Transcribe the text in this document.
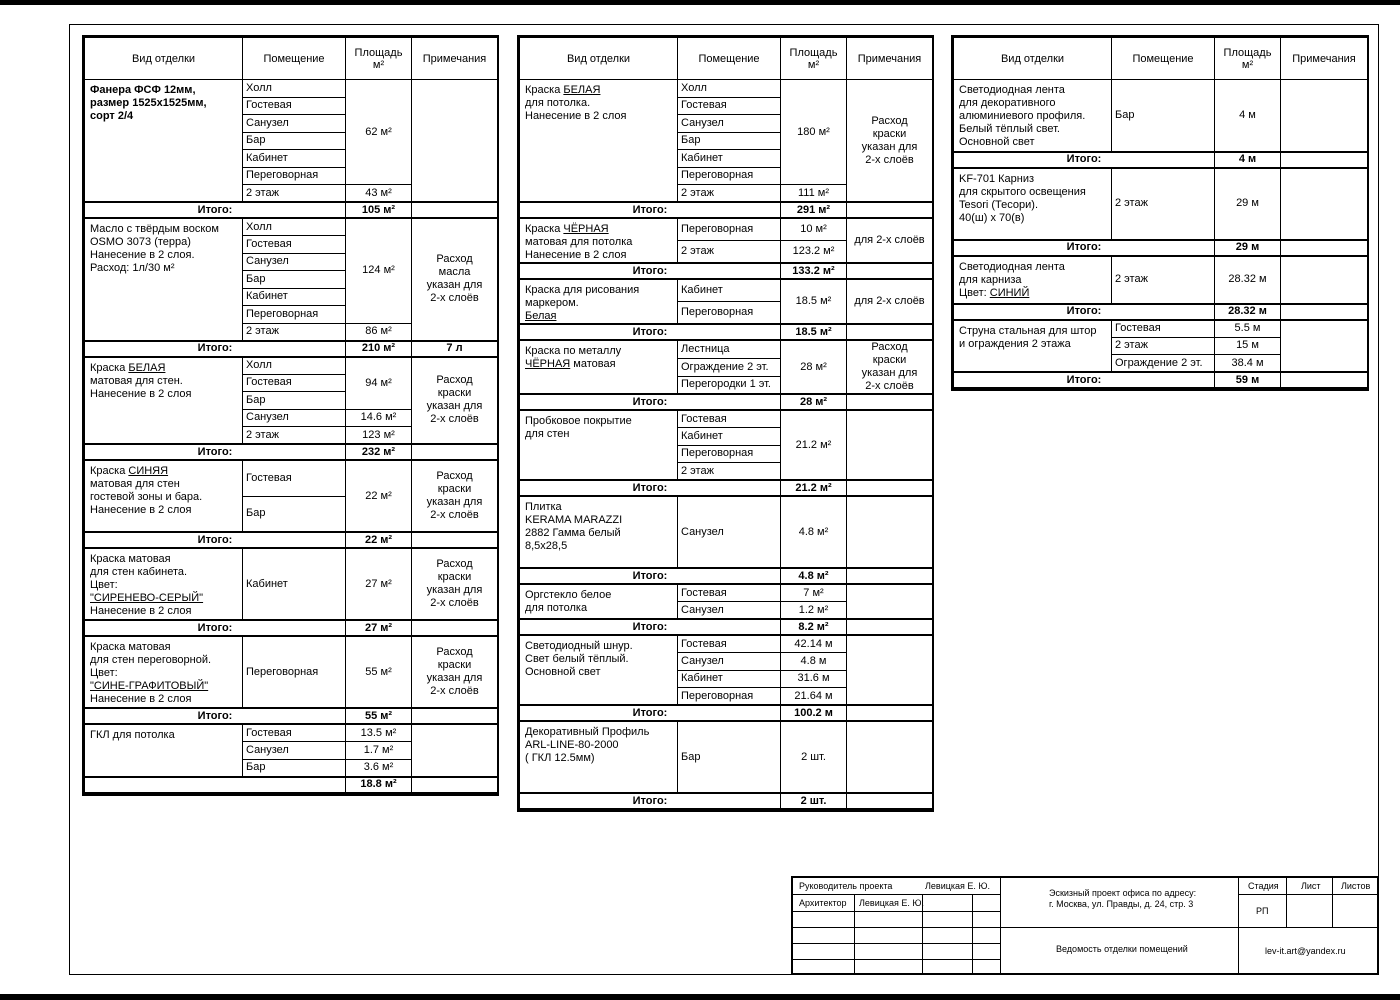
Вид отделки	Помещение	Площадь м²	Примечания
Фанера ФСФ 12мм,
размер 1525х1525мм,
сорт 2/4	Холл	62 м²	
	Гостевая		
	Санузел		
	Бар		
	Кабинет		
	Переговорная		
	2 этаж	43 м²	
Итого:		105 м²	
Масло с твёрдым воском
OSMO 3073 (терра)
Нанесение в 2 слоя.
Расход: 1л/30 м²	Холл	124 м²	Расход
масла
указан для
2-х слоёв
	Гостевая		
	Санузел		
	Бар		
	Кабинет		
	Переговорная		
	2 этаж	86 м²	
Итого:		210 м²	7 л
Краска БЕЛАЯ
матовая для стен.
Нанесение в 2 слоя	Холл	94 м²	Расход
краски
указан для
2-х слоёв
	Гостевая		
	Бар		
	Санузел	14.6 м²	
	2 этаж	123 м²	
Итого:		232 м²	
Краска СИНЯЯ
матовая для стен
гостевой зоны и бара.
Нанесение в 2 слоя	Гостевая	22 м²	Расход
краски
указан для
2-х слоёв
	Бар		
Итого:		22 м²	
Краска матовая
для стен кабинета.
Цвет:
"СИРЕНЕВО-СЕРЫЙ"
Нанесение в 2 слоя	Кабинет	27 м²	Расход
краски
указан для
2-х слоёв
Итого:		27 м²	
Краска матовая
для стен переговорной.
Цвет:
"СИНЕ-ГРАФИТОВЫЙ"
Нанесение в 2 слоя	Переговорная	55 м²	Расход
краски
указан для
2-х слоёв
Итого:		55 м²	
ГКЛ для потолка	Гостевая	13.5 м²	
	Санузел	1.7 м²	
	Бар	3.6 м²	
		18.8 м²	
Вид отделки	Помещение	Площадь м²	Примечания
Краска БЕЛАЯ
для потолка.
Нанесение в 2 слоя	Холл	180 м²	Расход
краски
указан для
2-х слоёв
	Гостевая		
	Санузел		
	Бар		
	Кабинет		
	Переговорная		
	2 этаж	111 м²	
Итого:		291 м²	
Краска ЧЁРНАЯ
матовая для потолка
Нанесение в 2 слоя	Переговорная	10 м²	для 2-х слоёв
	2 этаж	123.2 м²	
Итого:		133.2 м²	
Краска для рисования
маркером.
Белая	Кабинет	18.5 м²	для 2-х слоёв
	Переговорная		
Итого:		18.5 м²	
Краска по металлу
ЧЁРНАЯ матовая	Лестница	28 м²	Расход
краски
указан для
2-х слоёв
	Ограждение 2 эт.		
	Перегородки 1 эт.		
Итого:		28 м²	
Пробковое покрытие
для стен	Гостевая	21.2 м²	
	Кабинет		
	Переговорная		
	2 этаж		
Итого:		21.2 м²	
Плитка
KERAMA MARAZZI
2882 Гамма белый
8,5х28,5	Санузел	4.8 м²	
Итого:		4.8 м²	
Оргстекло белое
для потолка	Гостевая	7 м²	
	Санузел	1.2 м²	
Итого:		8.2 м²	
Светодиодный шнур.
Свет белый тёплый.
Основной свет	Гостевая	42.14 м	
	Санузел	4.8 м	
	Кабинет	31.6 м	
	Переговорная	21.64 м	
Итого:		100.2 м	
Декоративный Профиль
ARL-LINE-80-2000
( ГКЛ 12.5мм)	Бар	2 шт.	
Итого:		2 шт.	
Вид отделки	Помещение	Площадь м²	Примечания
Светодиодная лента
для декоративного
алюминиевого профиля.
Белый тёплый свет.
Основной свет	Бар	4 м	
Итого:		4 м	
KF-701 Карниз
для скрытого освещения
Tesori (Тесори).
40(ш) х 70(в)	2 этаж	29 м	
Итого:		29 м	
Светодиодная лента
для карниза
Цвет: СИНИЙ	2 этаж	28.32 м	
Итого:		28.32 м	
Струна стальная для штор
и ограждения 2 этажа	Гостевая	5.5 м	
	2 этаж	15 м	
	Ограждение 2 эт.	38.4 м	
Итого:		59 м	
Руководитель проекта	Левицкая Е. Ю.
Архитектор Левицкая Е. Ю.
Эскизный проект офиса по адресу:
г. Москва, ул. Правды, д. 24, стр. 3
Ведомость отделки помещений
Стадия Лист Листов
РП
lev-it.art@yandex.ru
